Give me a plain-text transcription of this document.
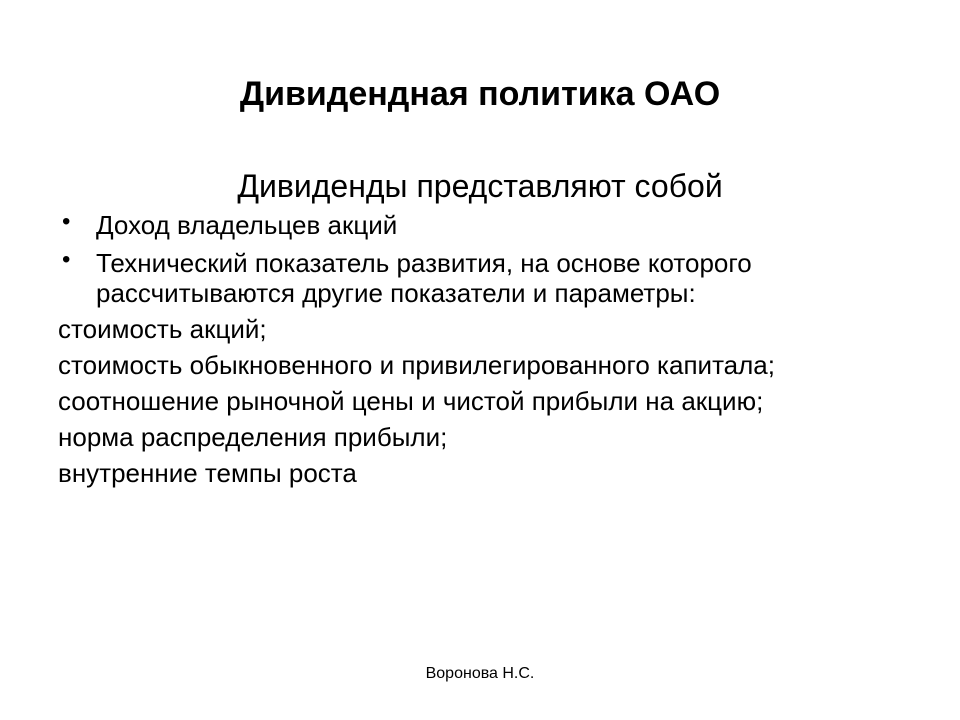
Дивидендная политика ОАО
Дивиденды представляют собой
• Доход владельцев акций
• Технический показатель развития, на основе которого рассчитываются другие показатели и параметры:
стоимость акций;
стоимость обыкновенного и привилегированного капитала;
соотношение рыночной цены и чистой прибыли на акцию;
норма распределения прибыли;
внутренние темпы роста
Воронова Н.С.
